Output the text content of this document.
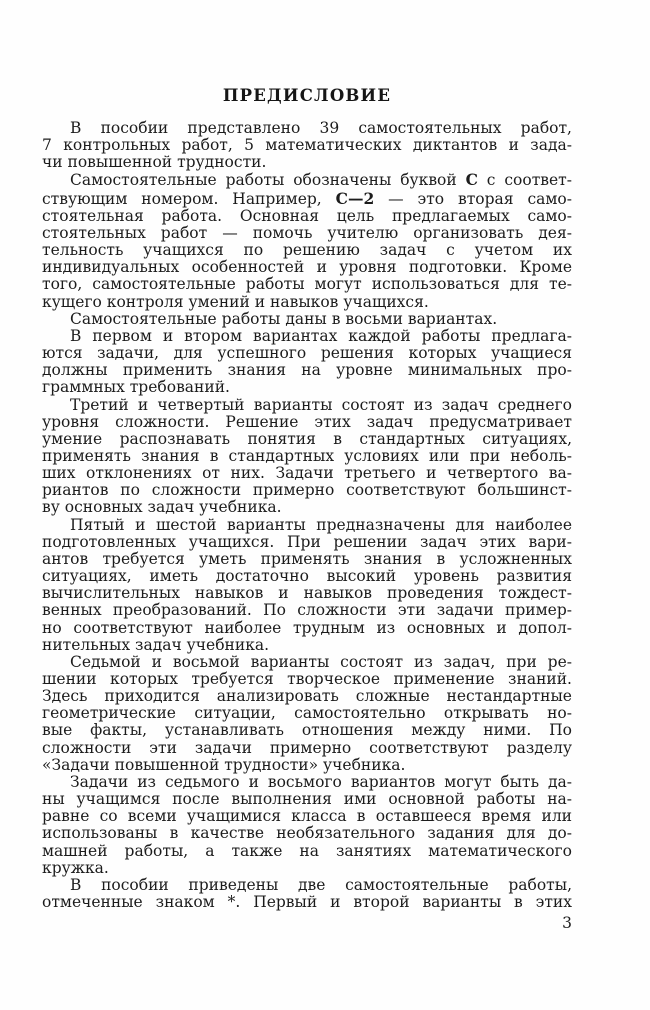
ПРЕДИСЛОВИЕ
В пособии представлено 39 самостоятельных работ,
7 контрольных работ, 5 математических диктантов и зада-
чи повышенной трудности.
Самостоятельные работы обозначены буквой С с соответ-
ствующим номером. Например, С—2 — это вторая само-
стоятельная работа. Основная цель предлагаемых само-
стоятельных работ — помочь учителю организовать дея-
тельность учащихся по решению задач с учетом их
индивидуальных особенностей и уровня подготовки. Кроме
того, самостоятельные работы могут использоваться для те-
кущего контроля умений и навыков учащихся.
Самостоятельные работы даны в восьми вариантах.
В первом и втором вариантах каждой работы предлага-
ются задачи, для успешного решения которых учащиеся
должны применить знания на уровне минимальных про-
граммных требований.
Третий и четвертый варианты состоят из задач среднего
уровня сложности. Решение этих задач предусматривает
умение распознавать понятия в стандартных ситуациях,
применять знания в стандартных условиях или при неболь-
ших отклонениях от них. Задачи третьего и четвертого ва-
риантов по сложности примерно соответствуют большинст-
ву основных задач учебника.
Пятый и шестой варианты предназначены для наиболее
подготовленных учащихся. При решении задач этих вари-
антов требуется уметь применять знания в усложненных
ситуациях, иметь достаточно высокий уровень развития
вычислительных навыков и навыков проведения тождест-
венных преобразований. По сложности эти задачи пример-
но соответствуют наиболее трудным из основных и допол-
нительных задач учебника.
Седьмой и восьмой варианты состоят из задач, при ре-
шении которых требуется творческое применение знаний.
Здесь приходится анализировать сложные нестандартные
геометрические ситуации, самостоятельно открывать но-
вые факты, устанавливать отношения между ними. По
сложности эти задачи примерно соответствуют разделу
«Задачи повышенной трудности» учебника.
Задачи из седьмого и восьмого вариантов могут быть да-
ны учащимся после выполнения ими основной работы на-
равне со всеми учащимися класса в оставшееся время или
использованы в качестве необязательного задания для до-
машней работы, а также на занятиях математического
кружка.
В пособии приведены две самостоятельные работы,
отмеченные знаком *. Первый и второй варианты в этих
3
